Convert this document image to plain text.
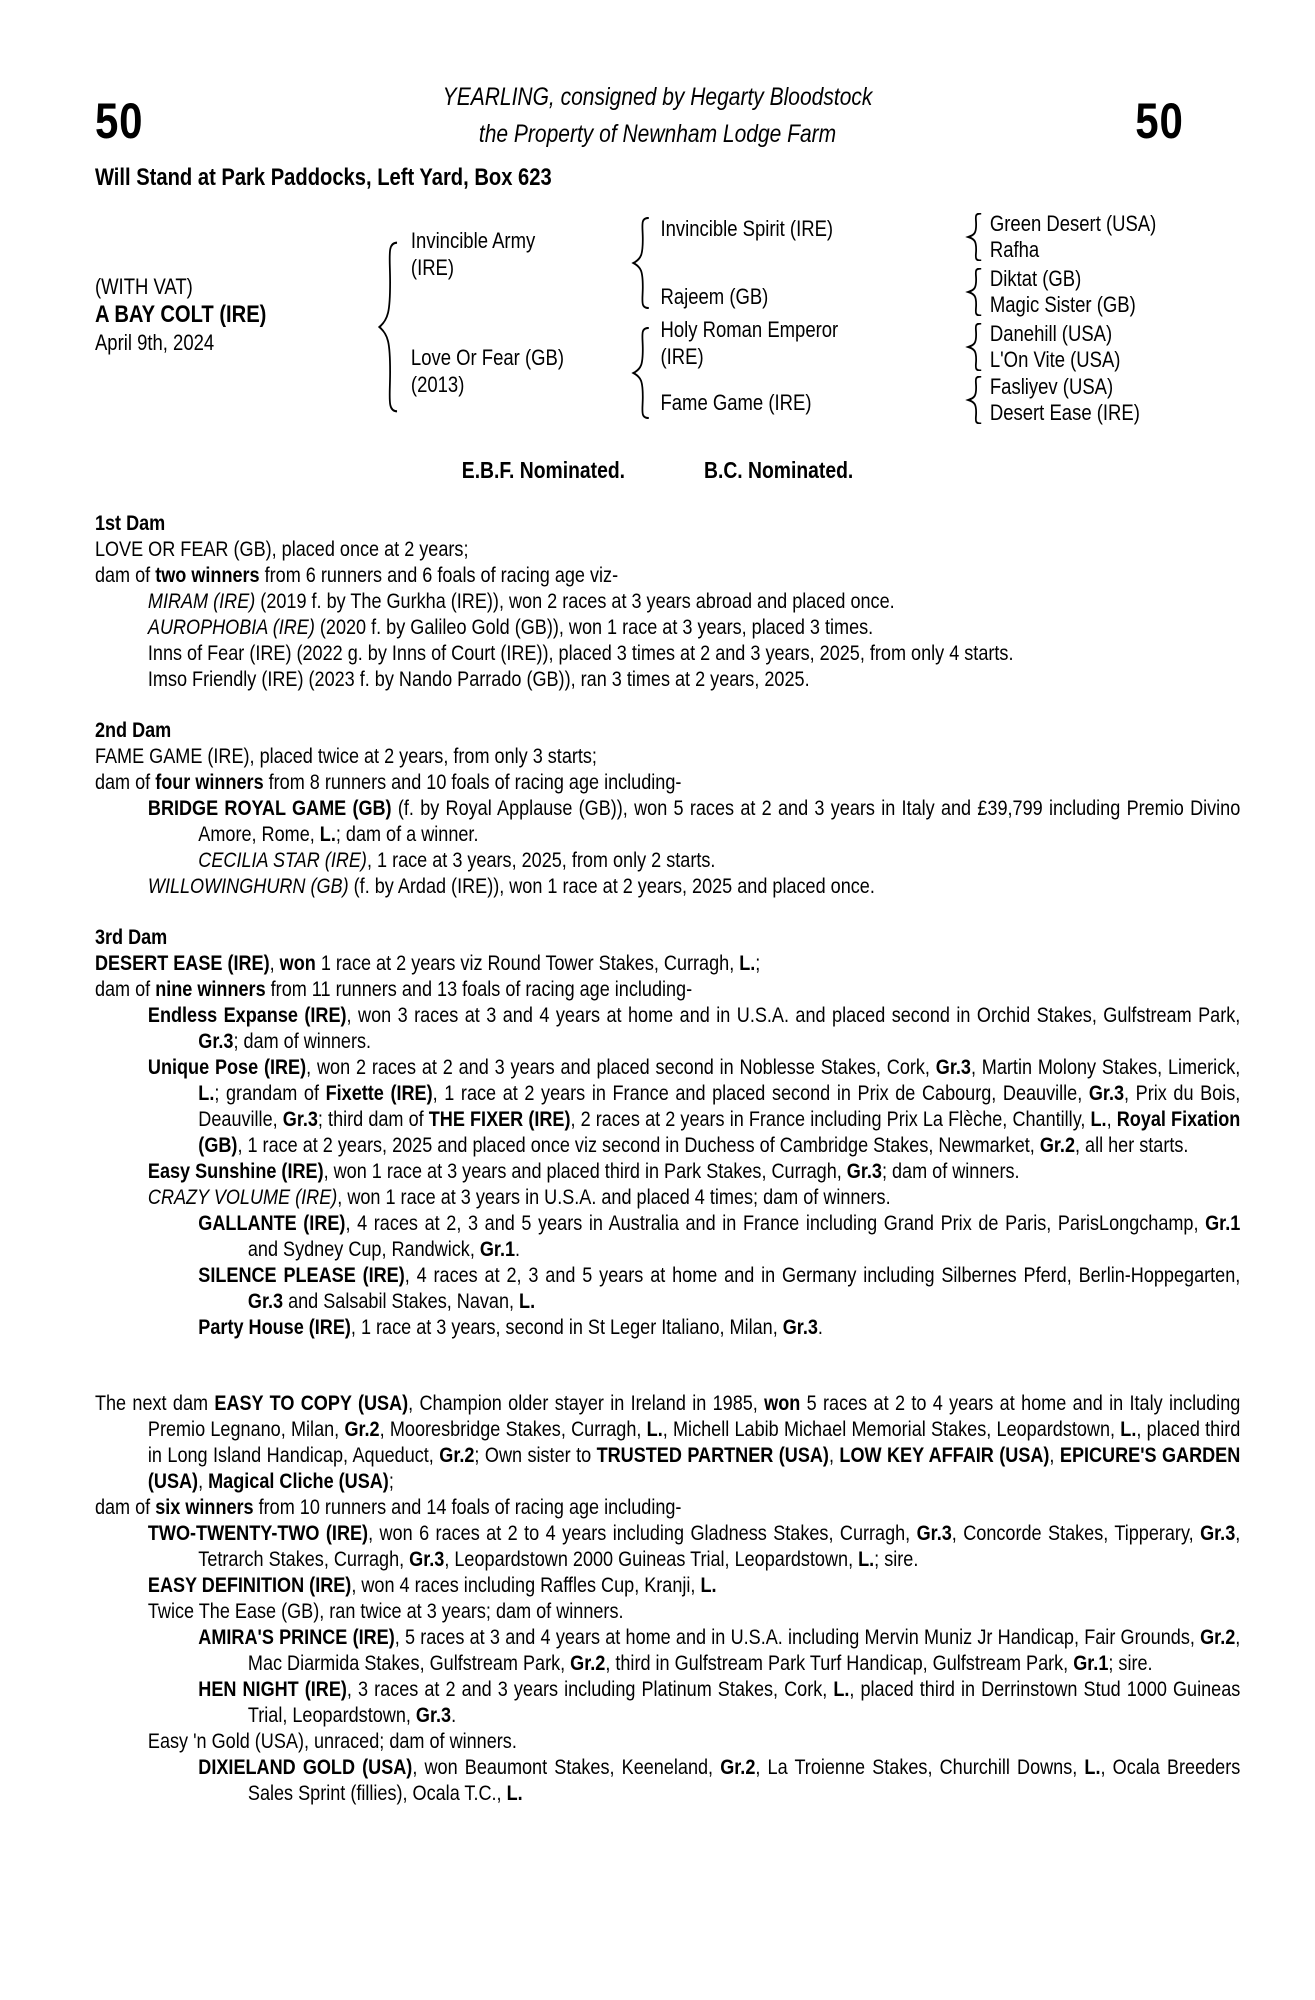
50	50
YEARLING, consigned by Hegarty Bloodstock
the Property of Newnham Lodge Farm
Will Stand at Park Paddocks, Left Yard, Box 623
(WITH VAT)
A BAY COLT (IRE)
April 9th, 2024
Invincible Army
(IRE)
Love Or Fear (GB)
(2013)
Invincible Spirit (IRE)
Rajeem (GB)
Holy Roman Emperor
(IRE)
Fame Game (IRE)
Green Desert (USA)
Rafha
Diktat (GB)
Magic Sister (GB)
Danehill (USA)
L'On Vite (USA)
Fasliyev (USA)
Desert Ease (IRE)
E.B.F. Nominated.	B.C. Nominated.
1st Dam

LOVE OR FEAR (GB), placed once at 2 years;

dam of two winners from 6 runners and 6 foals of racing age viz-

MIRAM (IRE) (2019 f. by The Gurkha (IRE)), won 2 races at 3 years abroad and placed once.

AUROPHOBIA (IRE) (2020 f. by Galileo Gold (GB)), won 1 race at 3 years, placed 3 times.

Inns of Fear (IRE) (2022 g. by Inns of Court (IRE)), placed 3 times at 2 and 3 years, 2025, from only 4 starts.

Imso Friendly (IRE) (2023 f. by Nando Parrado (GB)), ran 3 times at 2 years, 2025.

2nd Dam

FAME GAME (IRE), placed twice at 2 years, from only 3 starts;

dam of four winners from 8 runners and 10 foals of racing age including-

BRIDGE ROYAL GAME (GB) (f. by Royal Applause (GB)), won 5 races at 2 and 3 years in Italy and £39,799 including Premio Divino Amore, Rome, L.; dam of a winner.

CECILIA STAR (IRE), 1 race at 3 years, 2025, from only 2 starts.

WILLOWINGHURN (GB) (f. by Ardad (IRE)), won 1 race at 2 years, 2025 and placed once.

3rd Dam

DESERT EASE (IRE), won 1 race at 2 years viz Round Tower Stakes, Curragh, L.;

dam of nine winners from 11 runners and 13 foals of racing age including-

Endless Expanse (IRE), won 3 races at 3 and 4 years at home and in U.S.A. and placed second in Orchid Stakes, Gulfstream Park, Gr.3; dam of winners.

Unique Pose (IRE), won 2 races at 2 and 3 years and placed second in Noblesse Stakes, Cork, Gr.3, Martin Molony Stakes, Limerick, L.; grandam of Fixette (IRE), 1 race at 2 years in France and placed second in Prix de Cabourg, Deauville, Gr.3, Prix du Bois, Deauville, Gr.3; third dam of THE FIXER (IRE), 2 races at 2 years in France including Prix La Flèche, Chantilly, L., Royal Fixation (GB), 1 race at 2 years, 2025 and placed once viz second in Duchess of Cambridge Stakes, Newmarket, Gr.2, all her starts.

Easy Sunshine (IRE), won 1 race at 3 years and placed third in Park Stakes, Curragh, Gr.3; dam of winners.

CRAZY VOLUME (IRE), won 1 race at 3 years in U.S.A. and placed 4 times; dam of winners.

GALLANTE (IRE), 4 races at 2, 3 and 5 years in Australia and in France including Grand Prix de Paris, ParisLongchamp, Gr.1 and Sydney Cup, Randwick, Gr.1.

SILENCE PLEASE (IRE), 4 races at 2, 3 and 5 years at home and in Germany including Silbernes Pferd, Berlin-Hoppegarten, Gr.3 and Salsabil Stakes, Navan, L.

Party House (IRE), 1 race at 3 years, second in St Leger Italiano, Milan, Gr.3.

The next dam EASY TO COPY (USA), Champion older stayer in Ireland in 1985, won 5 races at 2 to 4 years at home and in Italy including Premio Legnano, Milan, Gr.2, Mooresbridge Stakes, Curragh, L., Michell Labib Michael Memorial Stakes, Leopardstown, L., placed third in Long Island Handicap, Aqueduct, Gr.2; Own sister to TRUSTED PARTNER (USA), LOW KEY AFFAIR (USA), EPICURE'S GARDEN (USA), Magical Cliche (USA);

dam of six winners from 10 runners and 14 foals of racing age including-

TWO-TWENTY-TWO (IRE), won 6 races at 2 to 4 years including Gladness Stakes, Curragh, Gr.3, Concorde Stakes, Tipperary, Gr.3, Tetrarch Stakes, Curragh, Gr.3, Leopardstown 2000 Guineas Trial, Leopardstown, L.; sire.

EASY DEFINITION (IRE), won 4 races including Raffles Cup, Kranji, L.

Twice The Ease (GB), ran twice at 3 years; dam of winners.

AMIRA'S PRINCE (IRE), 5 races at 3 and 4 years at home and in U.S.A. including Mervin Muniz Jr Handicap, Fair Grounds, Gr.2, Mac Diarmida Stakes, Gulfstream Park, Gr.2, third in Gulfstream Park Turf Handicap, Gulfstream Park, Gr.1; sire.

HEN NIGHT (IRE), 3 races at 2 and 3 years including Platinum Stakes, Cork, L., placed third in Derrinstown Stud 1000 Guineas Trial, Leopardstown, Gr.3.

Easy 'n Gold (USA), unraced; dam of winners.

DIXIELAND GOLD (USA), won Beaumont Stakes, Keeneland, Gr.2, La Troienne Stakes, Churchill Downs, L., Ocala Breeders Sales Sprint (fillies), Ocala T.C., L.
